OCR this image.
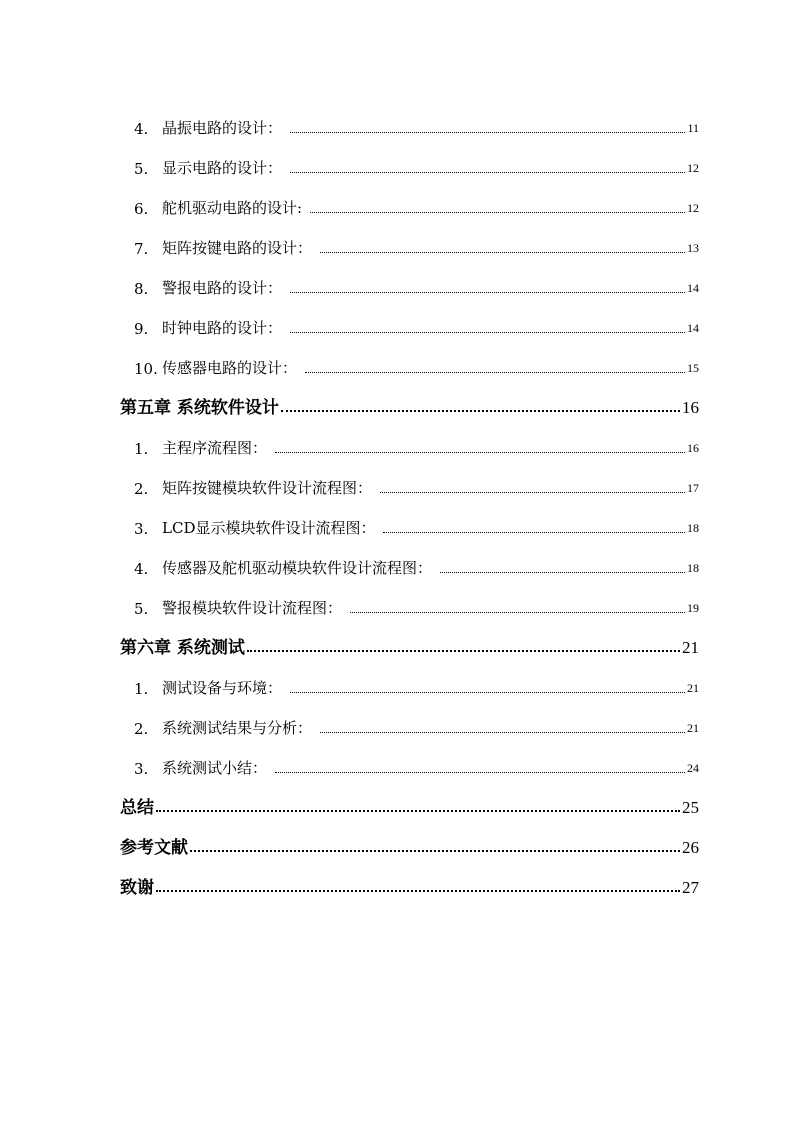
4. 晶振电路的设计：	11
5. 显示电路的设计：	12
6. 舵机驱动电路的设计:	12
7. 矩阵按键电路的设计：	13
8. 警报电路的设计：	14
9. 时钟电路的设计：	14
10. 传感器电路的设计：	15
第五章 系统软件设计	16
1. 主程序流程图：	16
2. 矩阵按键模块软件设计流程图：	17
3. LCD显示模块软件设计流程图：	18
4. 传感器及舵机驱动模块软件设计流程图：	18
5. 警报模块软件设计流程图：	19
第六章 系统测试	21
1. 测试设备与环境：	21
2. 系统测试结果与分析：	21
3. 系统测试小结：	24
总结	25
参考文献	26
致谢	27
